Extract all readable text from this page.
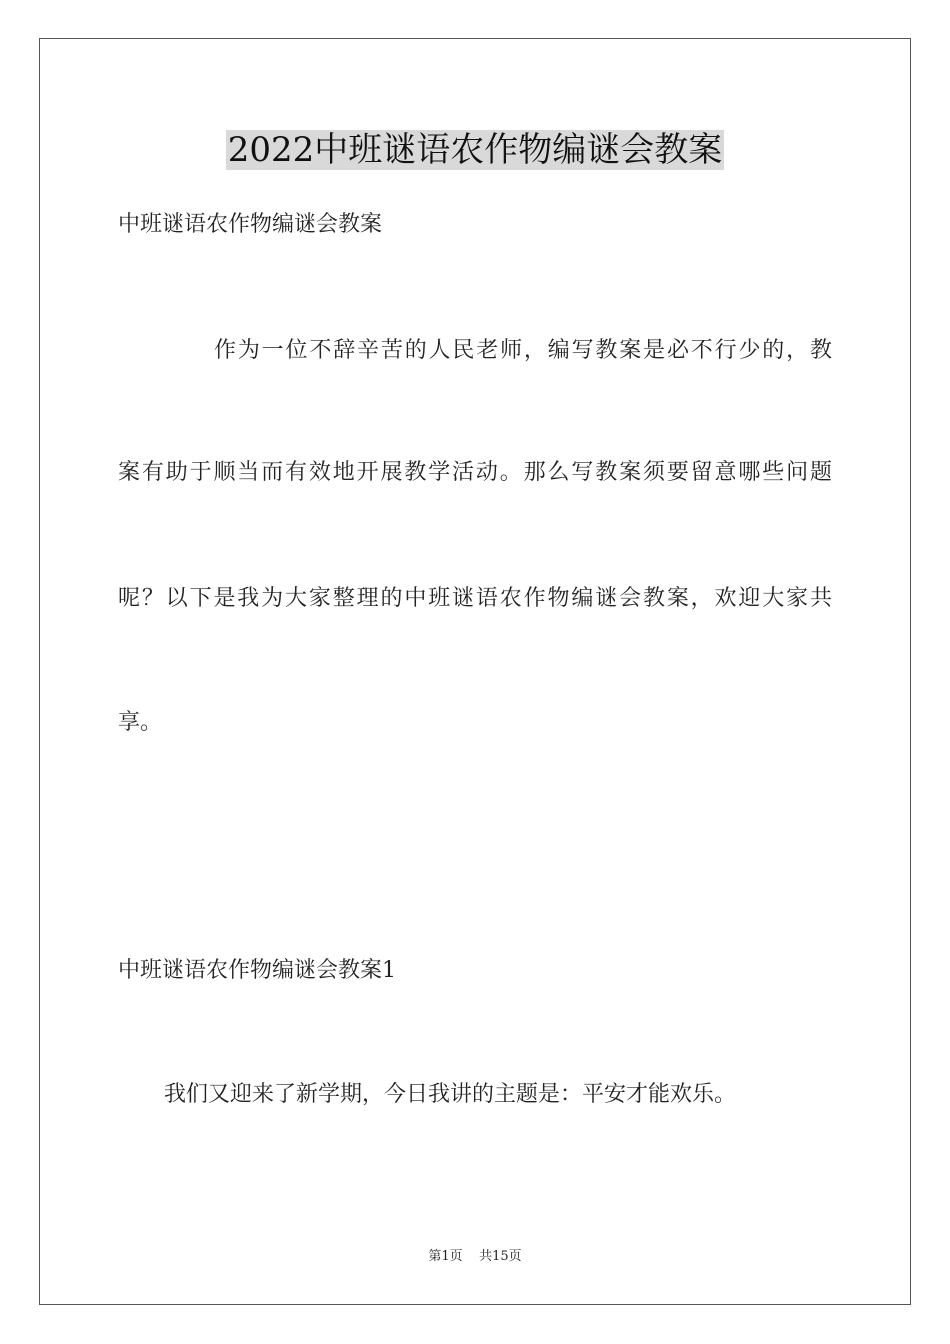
2022中班谜语农作物编谜会教案
中班谜语农作物编谜会教案
作为一位不辞辛苦的人民老师，编写教案是必不行少的，教
案有助于顺当而有效地开展教学活动。那么写教案须要留意哪些问题
呢？以下是我为大家整理的中班谜语农作物编谜会教案，欢迎大家共
享。
中班谜语农作物编谜会教案1
我们又迎来了新学期，今日我讲的主题是：平安才能欢乐。
第1页    共15页
